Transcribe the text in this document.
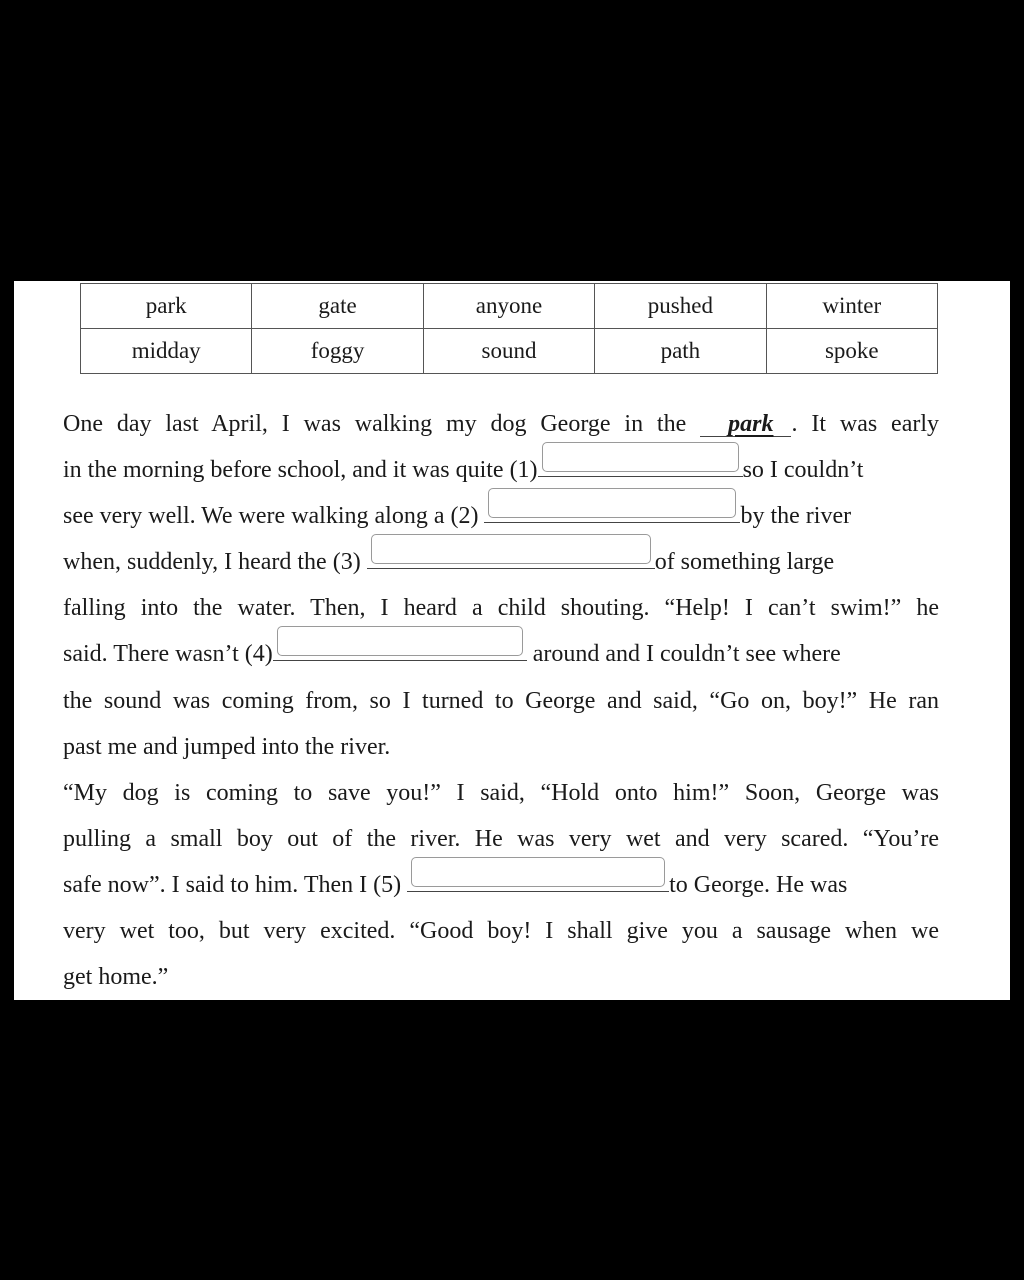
park	gate	anyone	pushed	winter
midday	foggy	sound	path	spoke
One day last April, I was walking my dog George in the park . It was early
in the morning before school, and it was quite (1)	so I couldn’t
see very well. We were walking along a (2)	by the river
when, suddenly, I heard the (3)	of something large
falling into the water. Then, I heard a child shouting. “Help! I can’t swim!” he
said. There wasn’t (4)	around and I couldn’t see where
the sound was coming from, so I turned to George and said, “Go on, boy!” He ran
past me and jumped into the river.
“My dog is coming to save you!” I said, “Hold onto him!” Soon, George was
pulling a small boy out of the river. He was very wet and very scared. “You’re
safe now”. I said to him. Then I (5)	to George. He was
very wet too, but very excited. “Good boy! I shall give you a sausage when we
get home.”
